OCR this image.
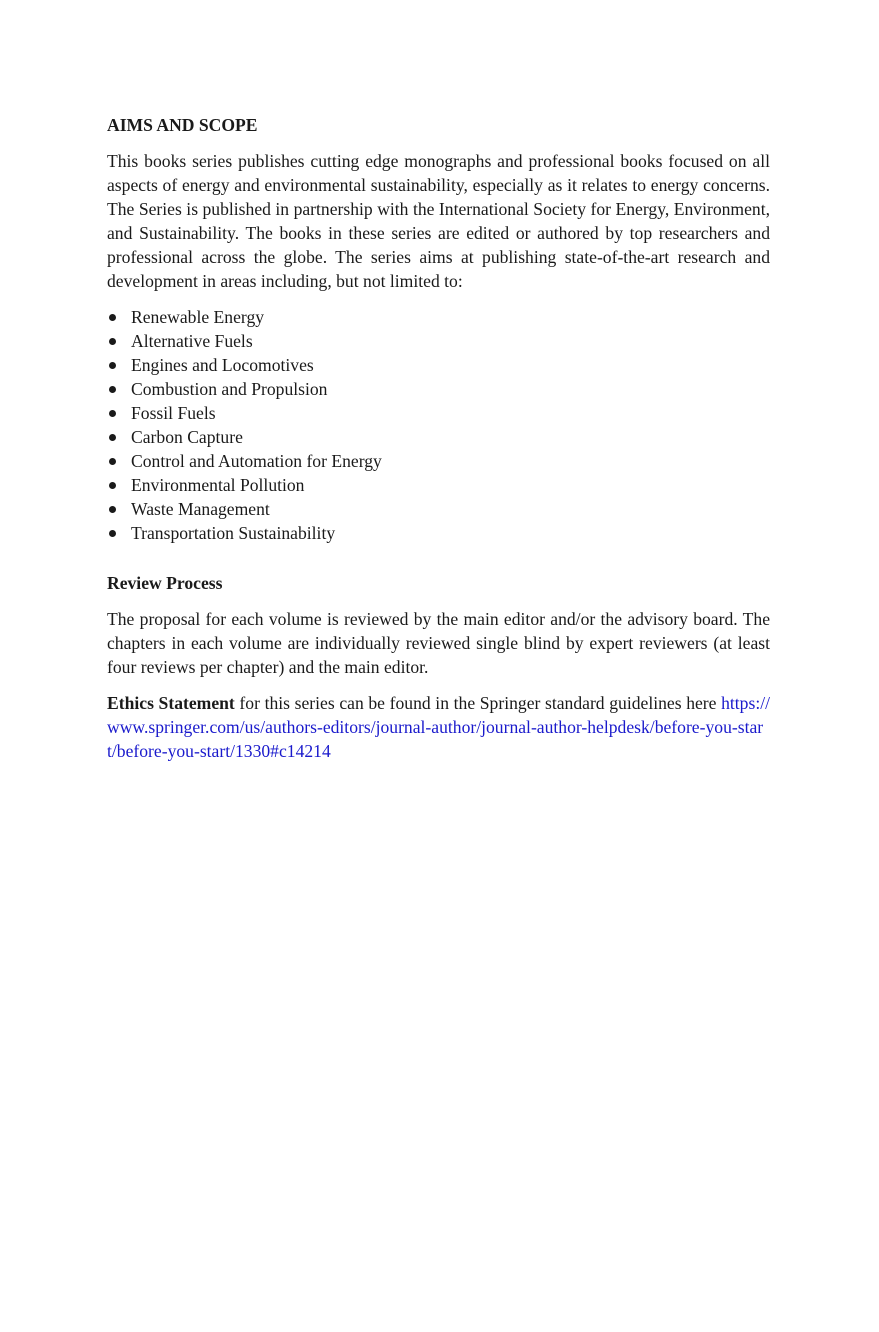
AIMS AND SCOPE

This books series publishes cutting edge monographs and professional books focused on all aspects of energy and environmental sustainability, especially as it relates to energy concerns. The Series is published in partnership with the International Society for Energy, Environment, and Sustainability. The books in these series are edited or authored by top researchers and professional across the globe. The series aims at publishing state-of-the-art research and development in areas including, but not limited to:

Renewable Energy
Alternative Fuels
Engines and Locomotives
Combustion and Propulsion
Fossil Fuels
Carbon Capture
Control and Automation for Energy
Environmental Pollution
Waste Management
Transportation Sustainability
Review Process

The proposal for each volume is reviewed by the main editor and/or the advisory board. The chapters in each volume are individually reviewed single blind by expert reviewers (at least four reviews per chapter) and the main editor.

Ethics Statement for this series can be found in the Springer standard guidelines here https://www.springer.com/us/authors-editors/journal-author/journal-author-helpdesk/before-you-start/before-you-start/1330#c14214
